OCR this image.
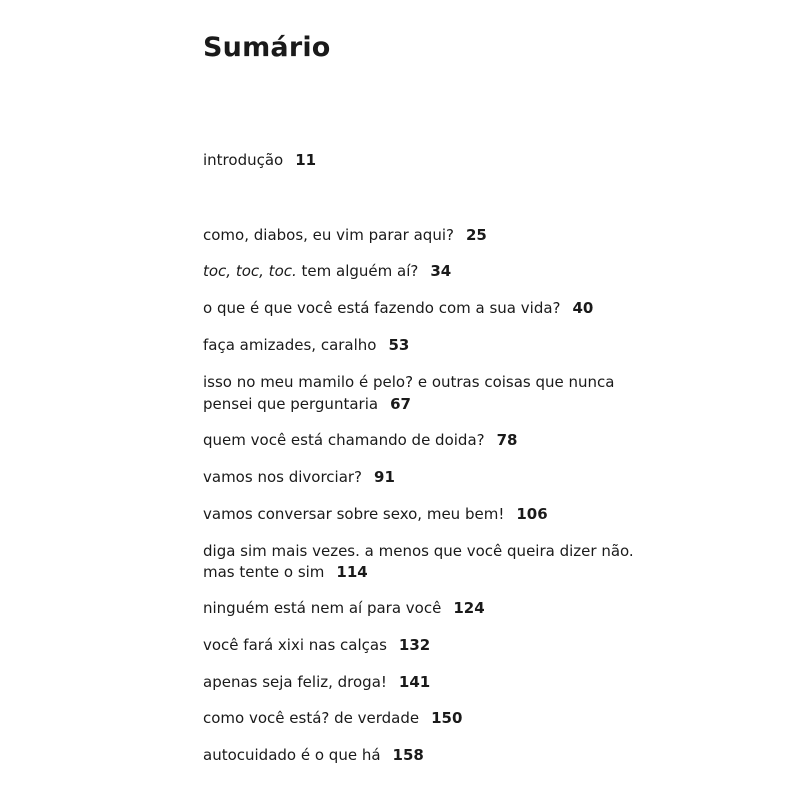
Sumário
introdução 11
como, diabos, eu vim parar aqui? 25
toc, toc, toc. tem alguém aí? 34
o que é que você está fazendo com a sua vida? 40
faça amizades, caralho 53
isso no meu mamilo é pelo? e outras coisas que nunca
pensei que perguntaria 67
quem você está chamando de doida? 78
vamos nos divorciar? 91
vamos conversar sobre sexo, meu bem! 106
diga sim mais vezes. a menos que você queira dizer não.
mas tente o sim 114
ninguém está nem aí para você 124
você fará xixi nas calças 132
apenas seja feliz, droga! 141
como você está? de verdade 150
autocuidado é o que há 158
